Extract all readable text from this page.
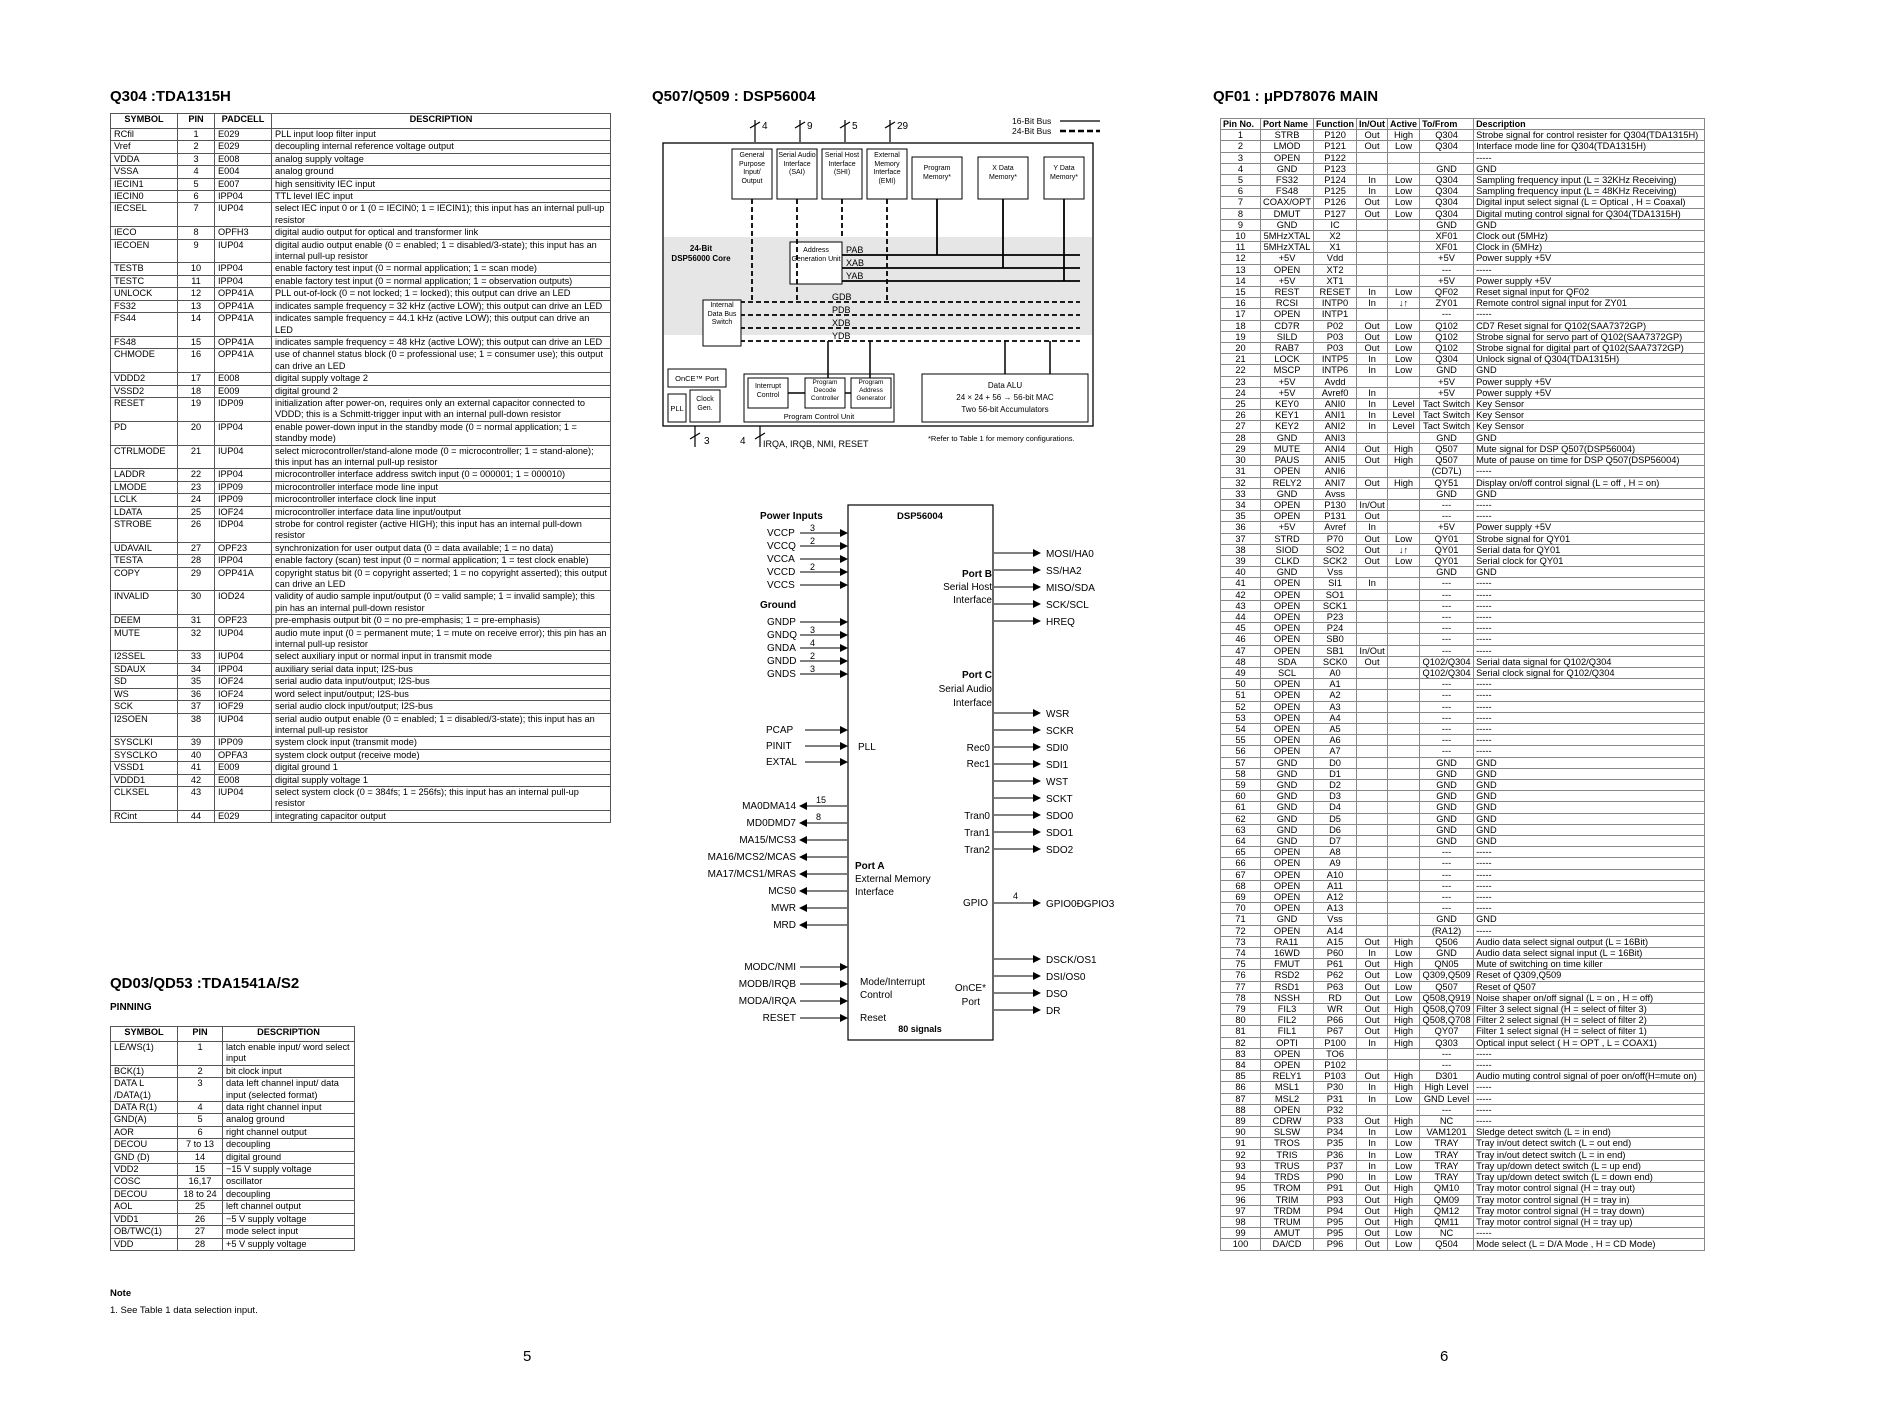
Q304 :TDA1315H	Q507/Q509 : DSP56004	QF01 : μPD78076 MAIN
QD03/QD53 :TDA1541A/S2
PINNING
SYMBOL	PIN	PADCELL	DESCRIPTION
RCfil	1	E029	PLL input loop filter input
Vref	2	E029	decoupling internal reference voltage output
VDDA	3	E008	analog supply voltage
VSSA	4	E004	analog ground
IECIN1	5	E007	high sensitivity IEC input
IECIN0	6	IPP04	TTL level IEC input
IECSEL	7	IUP04	select IEC input 0 or 1 (0 = IECIN0; 1 = IECIN1); this input has an internal pull-up resistor
IECO	8	OPFH3	digital audio output for optical and transformer link
IECOEN	9	IUP04	digital audio output enable (0 = enabled; 1 = disabled/3-state); this input has an internal pull-up resistor
TESTB	10	IPP04	enable factory test input (0 = normal application; 1 = scan mode)
TESTC	11	IPP04	enable factory test input (0 = normal application; 1 = observation outputs)
UNLOCK	12	OPP41A	PLL out-of-lock (0 = not locked; 1 = locked); this output can drive an LED
FS32	13	OPP41A	indicates sample frequency = 32 kHz (active LOW); this output can drive an LED
FS44	14	OPP41A	indicates sample frequency = 44.1 kHz (active LOW); this output can drive an LED
FS48	15	OPP41A	indicates sample frequency = 48 kHz (active LOW); this output can drive an LED
CHMODE	16	OPP41A	use of channel status block (0 = professional use; 1 = consumer use); this output can drive an LED
VDDD2	17	E008	digital supply voltage 2
VSSD2	18	E009	digital ground 2
RESET	19	IDP09	initialization after power-on, requires only an external capacitor connected to VDDD; this is a Schmitt-trigger input with an internal pull-down resistor
PD	20	IPP04	enable power-down input in the standby mode (0 = normal application; 1 = standby mode)
CTRLMODE	21	IUP04	select microcontroller/stand-alone mode (0 = microcontroller; 1 = stand-alone); this input has an internal pull-up resistor
LADDR	22	IPP04	microcontroller interface address switch input (0 = 000001; 1 = 000010)
LMODE	23	IPP09	microcontroller interface mode line input
LCLK	24	IPP09	microcontroller interface clock line input
LDATA	25	IOF24	microcontroller interface data line input/output
STROBE	26	IDP04	strobe for control register (active HIGH); this input has an internal pull-down resistor
UDAVAIL	27	OPF23	synchronization for user output data (0 = data available; 1 = no data)
TESTA	28	IPP04	enable factory (scan) test input (0 = normal application; 1 = test clock enable)
COPY	29	OPP41A	copyright status bit (0 = copyright asserted; 1 = no copyright asserted); this output can drive an LED
INVALID	30	IOD24	validity of audio sample input/output (0 = valid sample; 1 = invalid sample); this pin has an internal pull-down resistor
DEEM	31	OPF23	pre-emphasis output bit (0 = no pre-emphasis; 1 = pre-emphasis)
MUTE	32	IUP04	audio mute input (0 = permanent mute; 1 = mute on receive error); this pin has an internal pull-up resistor
I2SSEL	33	IUP04	select auxiliary input or normal input in transmit mode
SDAUX	34	IPP04	auxiliary serial data input; I2S-bus
SD	35	IOF24	serial audio data input/output; I2S-bus
WS	36	IOF24	word select input/output; I2S-bus
SCK	37	IOF29	serial audio clock input/output; I2S-bus
I2SOEN	38	IUP04	serial audio output enable (0 = enabled; 1 = disabled/3-state); this input has an internal pull-up resistor
SYSCLKI	39	IPP09	system clock input (transmit mode)
SYSCLKO	40	OPFA3	system clock output (receive mode)
VSSD1	41	E009	digital ground 1
VDDD1	42	E008	digital supply voltage 1
CLKSEL	43	IUP04	select system clock (0 = 384fs; 1 = 256fs); this input has an internal pull-up resistor
RCint	44	E029	integrating capacitor output
SYMBOL	PIN	DESCRIPTION
LE/WS(1)	1	latch enable input/ word select input
BCK(1)	2	bit clock input
DATA L /DATA(1)	3	data left channel input/ data input (selected format)
DATA R(1)	4	data right channel input
GND(A)	5	analog ground
AOR	6	right channel output
DECOU	7 to 13	decoupling
GND (D)	14	digital ground
VDD2	15	−15 V supply voltage
COSC	16,17	oscillator
DECOU	18 to 24	decoupling
AOL	25	left channel output
VDD1	26	−5 V supply voltage
OB/TWC(1)	27	mode select input
VDD	28	+5 V supply voltage
Note
1. See Table 1 data selection input.
Pin No.	Port Name	Function	In/Out	Active	To/From	Description
1	STRB	P120	Out	High	Q304	Strobe signal for control resister for Q304(TDA1315H)
2	LMOD	P121	Out	Low	Q304	Interface mode line for Q304(TDA1315H)
3	OPEN	P122				-----
4	GND	P123			GND	GND
5	FS32	P124	In	Low	Q304	Sampling frequency input (L = 32KHz Receiving)
6	FS48	P125	In	Low	Q304	Sampling frequency input (L = 48KHz Receiving)
7	COAX/OPT	P126	Out	Low	Q304	Digital input select signal (L = Optical , H = Coaxal)
8	DMUT	P127	Out	Low	Q304	Digital muting control signal for Q304(TDA1315H)
9	GND	IC			GND	GND
10	5MHzXTAL	X2			XF01	Clock out (5MHz)
11	5MHzXTAL	X1			XF01	Clock in (5MHz)
12	+5V	Vdd			+5V	Power supply +5V
13	OPEN	XT2			---	-----
14	+5V	XT1			+5V	Power supply +5V
15	REST	RESET	In	Low	QF02	Reset signal input for QF02
16	RCSI	INTP0	In	↓↑	ZY01	Remote control signal input for ZY01
17	OPEN	INTP1			---	-----
18	CD7R	P02	Out	Low	Q102	CD7 Reset signal for Q102(SAA7372GP)
19	SILD	P03	Out	Low	Q102	Strobe signal for servo part of Q102(SAA7372GP)
20	RAB7	P03	Out	Low	Q102	Strobe signal for digital part of Q102(SAA7372GP)
21	LOCK	INTP5	In	Low	Q304	Unlock signal of Q304(TDA1315H)
22	MSCP	INTP6	In	Low	GND	GND
23	+5V	Avdd			+5V	Power supply +5V
24	+5V	Avref0	In		+5V	Power supply +5V
25	KEY0	ANI0	In	Level	Tact Switch	Key Sensor
26	KEY1	ANI1	In	Level	Tact Switch	Key Sensor
27	KEY2	ANI2	In	Level	Tact Switch	Key Sensor
28	GND	ANI3			GND	GND
29	MUTE	ANI4	Out	High	Q507	Mute signal for DSP Q507(DSP56004)
30	PAUS	ANI5	Out	High	Q507	Mute of pause on time for DSP Q507(DSP56004)
31	OPEN	ANI6			(CD7L)	-----
32	RELY2	ANI7	Out	High	QY51	Display on/off control signal (L = off , H = on)
33	GND	Avss			GND	GND
34	OPEN	P130	In/Out		---	-----
35	OPEN	P131	Out		---	-----
36	+5V	Avref	In		+5V	Power supply +5V
37	STRD	P70	Out	Low	QY01	Strobe signal for QY01
38	SIOD	SO2	Out	↓↑	QY01	Serial data for QY01
39	CLKD	SCK2	Out	Low	QY01	Serial clock for QY01
40	GND	Vss			GND	GND
41	OPEN	SI1	In		---	-----
42	OPEN	SO1			---	-----
43	OPEN	SCK1			---	-----
44	OPEN	P23			---	-----
45	OPEN	P24			---	-----
46	OPEN	SB0			---	-----
47	OPEN	SB1	In/Out		---	-----
48	SDA	SCK0	Out		Q102/Q304	Serial data signal for Q102/Q304
49	SCL	A0			Q102/Q304	Serial clock signal for Q102/Q304
50	OPEN	A1			---	-----
51	OPEN	A2			---	-----
52	OPEN	A3			---	-----
53	OPEN	A4			---	-----
54	OPEN	A5			---	-----
55	OPEN	A6			---	-----
56	OPEN	A7			---	-----
57	GND	D0			GND	GND
58	GND	D1			GND	GND
59	GND	D2			GND	GND
60	GND	D3			GND	GND
61	GND	D4			GND	GND
62	GND	D5			GND	GND
63	GND	D6			GND	GND
64	GND	D7			GND	GND
65	OPEN	A8			---	-----
66	OPEN	A9			---	-----
67	OPEN	A10			---	-----
68	OPEN	A11			---	-----
69	OPEN	A12			---	-----
70	OPEN	A13			---	-----
71	GND	Vss			GND	GND
72	OPEN	A14			(RA12)	-----
73	RA11	A15	Out	High	Q506	Audio data select signal output (L = 16Bit)
74	16WD	P60	In	Low	GND	Audio data select signal input (L = 16Bit)
75	FMUT	P61	Out	High	QN05	Mute of switching on time killer
76	RSD2	P62	Out	Low	Q309,Q509	Reset of Q309,Q509
77	RSD1	P63	Out	Low	Q507	Reset of Q507
78	NSSH	RD	Out	Low	Q508,Q919	Noise shaper on/off signal (L = on , H = off)
79	FIL3	WR	Out	High	Q508,Q709	Filter 3 select signal (H = select of filter 3)
80	FIL2	P66	Out	High	Q508,Q708	Filter 2 select signal (H = select of filter 2)
81	FIL1	P67	Out	High	QY07	Filter 1 select signal (H = select of filter 1)
82	OPTI	P100	In	High	Q303	Optical input select ( H = OPT , L = COAX1)
83	OPEN	TO6			---	-----
84	OPEN	P102			---	-----
85	RELY1	P103	Out	High	D301	Audio muting control signal of poer on/off(H=mute on)
86	MSL1	P30	In	High	High Level	-----
87	MSL2	P31	In	Low	GND Level	-----
88	OPEN	P32			---	-----
89	CDRW	P33	Out	High	NC	-----
90	SLSW	P34	In	Low	VAM1201	Sledge detect switch (L = in end)
91	TROS	P35	In	Low	TRAY	Tray in/out detect switch (L = out end)
92	TRIS	P36	In	Low	TRAY	Tray in/out detect switch (L = in end)
93	TRUS	P37	In	Low	TRAY	Tray up/down detect switch (L = up end)
94	TRDS	P90	In	Low	TRAY	Tray up/down detect switch (L = down end)
95	TROM	P91	Out	High	QM10	Tray motor control signal (H = tray out)
96	TRIM	P93	Out	High	QM09	Tray motor control signal (H = tray in)
97	TRDM	P94	Out	High	QM12	Tray motor control signal (H = tray down)
98	TRUM	P95	Out	High	QM11	Tray motor control signal (H = tray up)
99	AMUT	P95	Out	Low	NC	-----
100	DA/CD	P96	Out	Low	Q504	Mode select (L = D/A Mode , H = CD Mode)
4	9	5	29	16-Bit Bus
24-Bit Bus
General Purpose Input/ Output
Serial Audio Interface (SAI)
Serial Host Interface (SHI)
External Memory Interface (EMI)
Program Memory*
X Data Memory*
Y Data Memory*
24-Bit DSP56000 Core
Address Generation Unit
PAB
XAB
YAB
GDB
PDB
XDB
YDB
Internal Data Bus Switch
OnCE™ Port
PLL
Clock Gen.
Interrupt Control
Program Decode Controller
Program Address Generator
Program Control Unit
Data ALU
24 × 24 + 56 → 56-bit MAC
Two 56-bit Accumulators
3	4 IRQA, IRQB, NMI, RESET
*Refer to Table 1 for memory configurations.
DSP56004
80 signals
Power Inputs
VCCP
VCCQ
VCCA
VCCD
VCCS
3
2
2
Ground
GNDP
GNDQ
GNDA
GNDD
GNDS
3
4
2
3
PCAP
PINIT
EXTAL
PLL
Port B
Serial Host
Interface
MOSI/HA0
SS/HA2
MISO/SDA
SCK/SCL
HREQ
Port C
Serial Audio
Interface
WSR
SCKR
SDI0
SDI1
WST
SCKT
SDO0
SDO1
SDO2
Rec0
Rec1
Tran0
Tran1
Tran2
MA0DMA14
MD0DMD7
MA15/MCS3
MA16/MCS2/MCAS
MA17/MCS1/MRAS
MCS0
MWR
MRD
15
8
Port A
External Memory
Interface
GPIO
4
GPIO0ÐGPIO3
MODC/NMI
MODB/IRQB
MODA/IRQA
RESET
Mode/Interrupt
Control
Reset
OnCE*
Port
DSCK/OS1
DSI/OS0
DSO
DR
5	6
